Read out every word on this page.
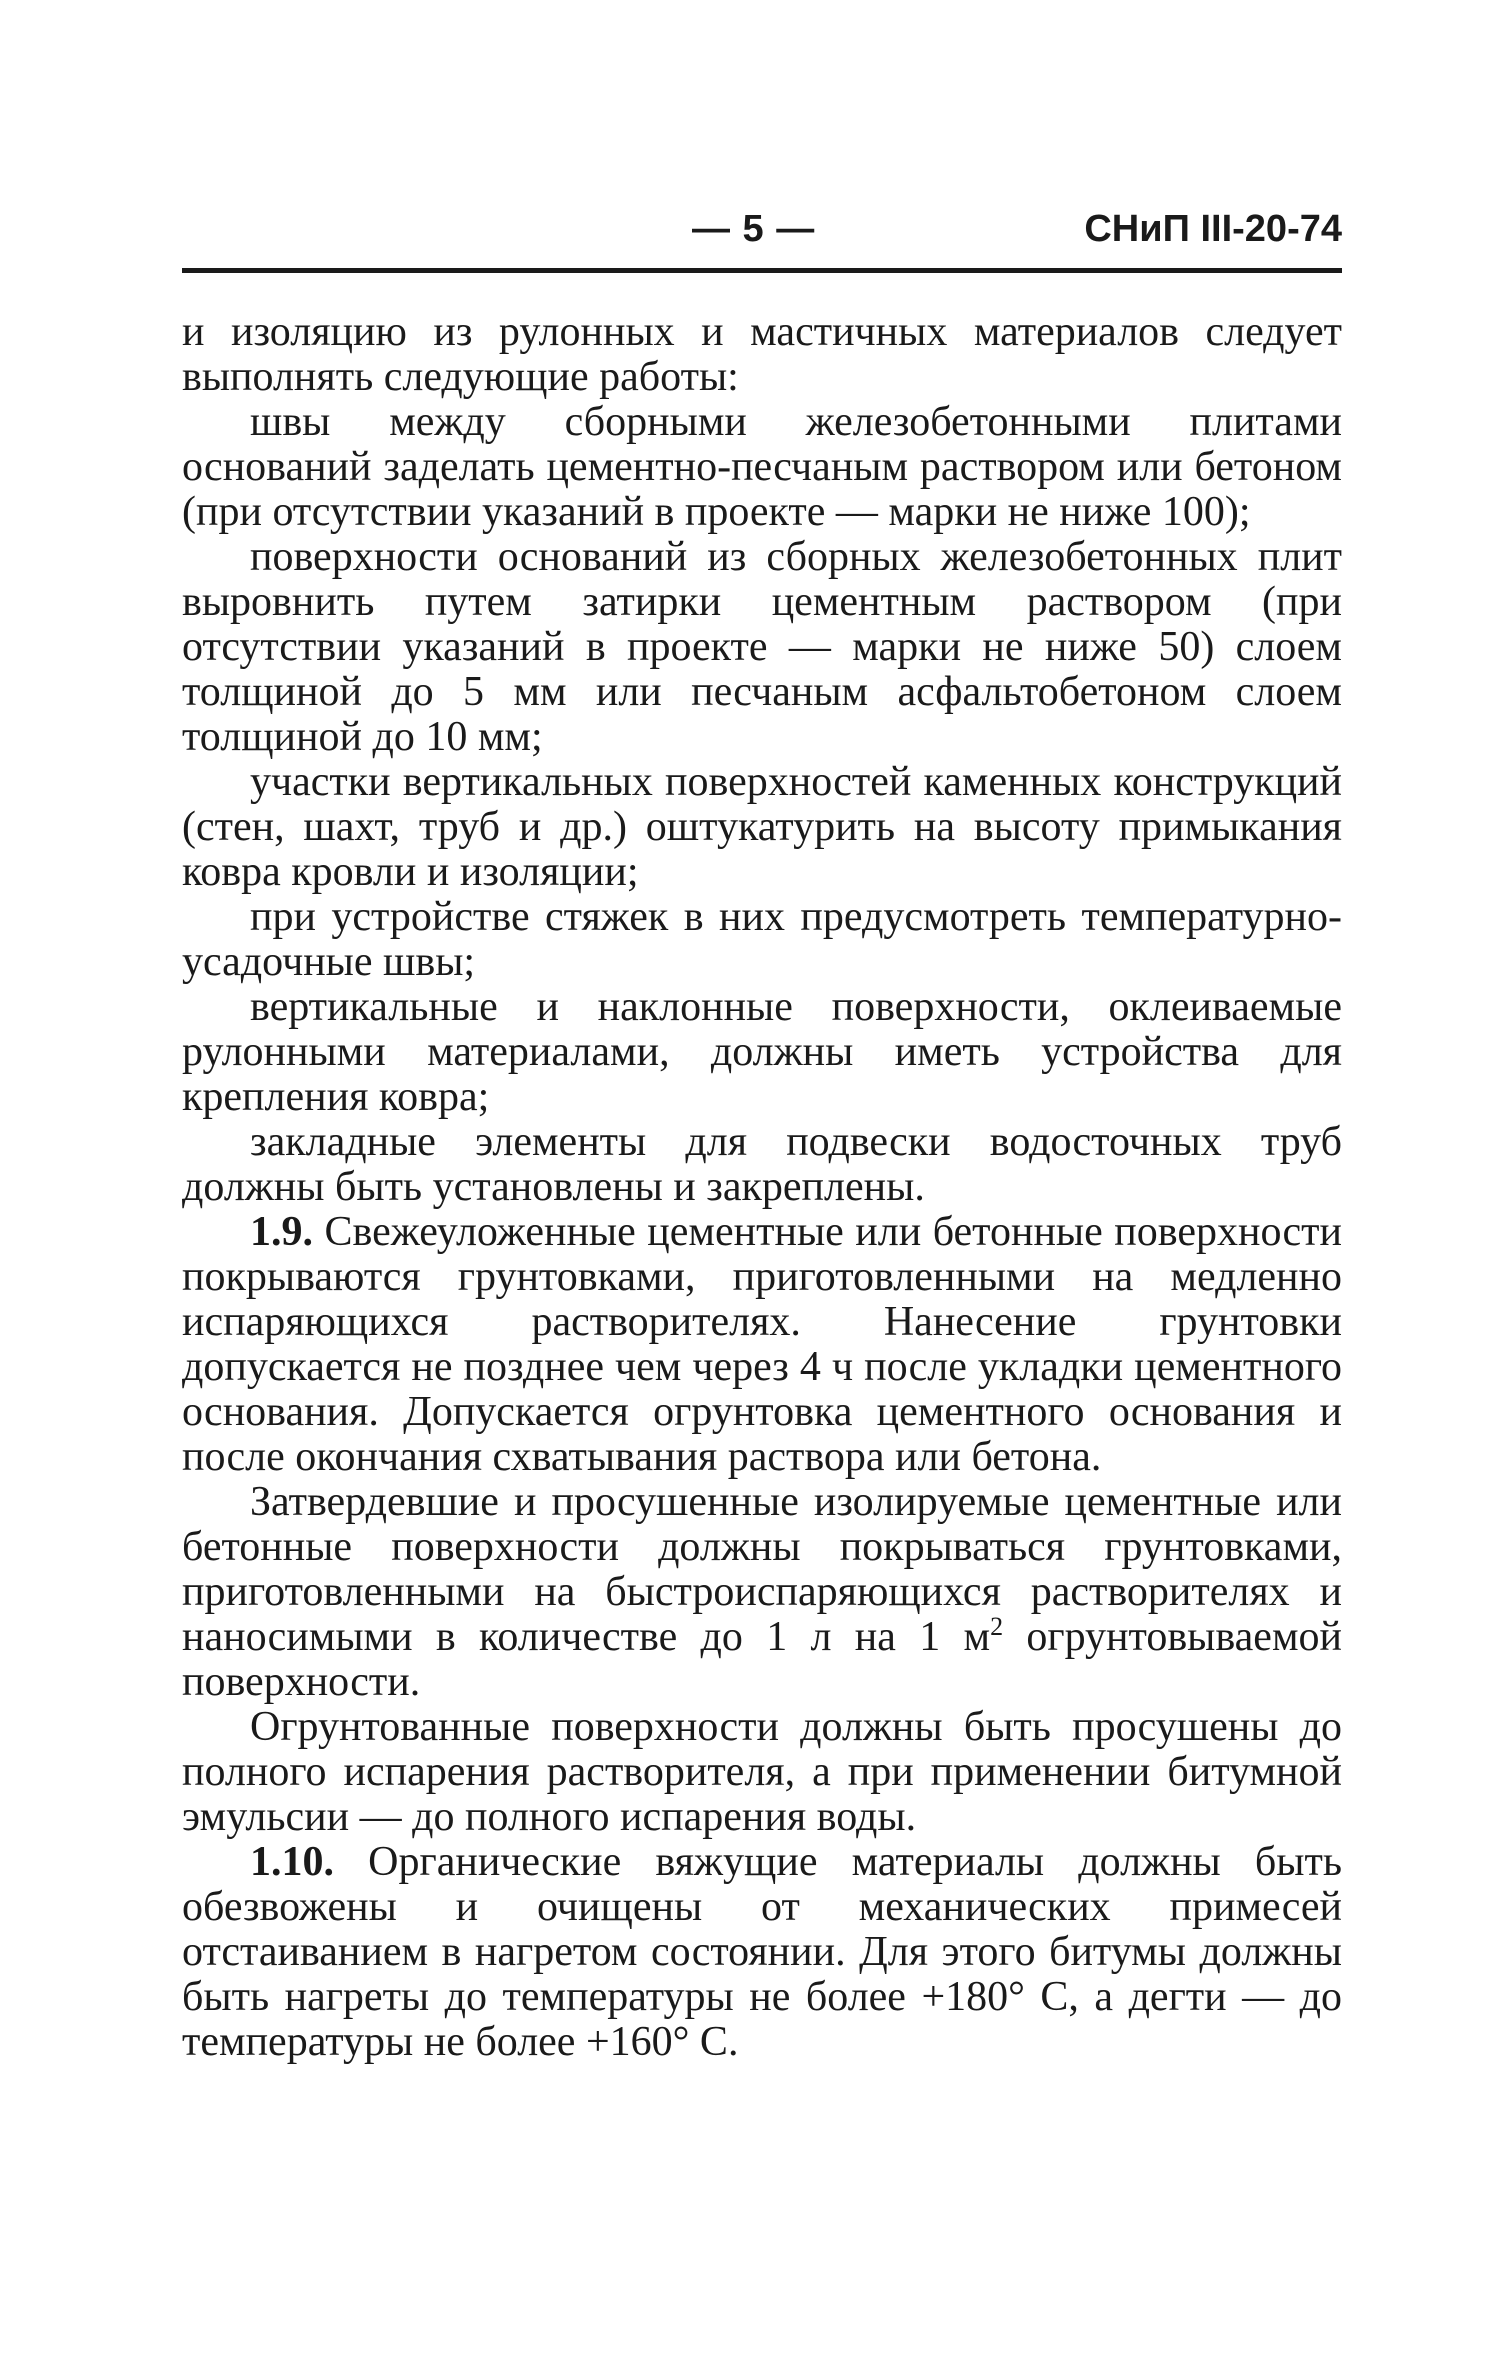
— 5 —	СНиП III-20-74

и изоляцию из рулонных и мастичных материалов следует выполнять следующие работы:

швы между сборными железобетонными плитами оснований заделать цементно-песчаным раствором или бетоном (при отсутствии указаний в проекте — марки не ниже 100);

поверхности оснований из сборных железобетонных плит выровнить путем затирки цементным раствором (при отсутствии указаний в проекте — марки не ниже 50) слоем толщиной до 5 мм или песчаным асфальтобетоном слоем толщиной до 10 мм;

участки вертикальных поверхностей каменных конструкций (стен, шахт, труб и др.) оштукатурить на высоту примыкания ковра кровли и изоляции;

при устройстве стяжек в них предусмотреть температурно-усадочные швы;

вертикальные и наклонные поверхности, оклеиваемые рулонными материалами, должны иметь устройства для крепления ковра;

закладные элементы для подвески водосточных труб должны быть установлены и закреплены.

1.9. Свежеуложенные цементные или бетонные поверхности покрываются грунтовками, приготовленными на медленно испаряющихся растворителях. Нанесение грунтовки допускается не позднее чем через 4 ч после укладки цементного основания. Допускается огрунтовка цементного основания и после окончания схватывания раствора или бетона.

Затвердевшие и просушенные изолируемые цементные или бетонные поверхности должны покрываться грунтовками, приготовленными на быстроиспаряющихся растворителях и наносимыми в количестве до 1 л на 1 $м^2$ огрунтовываемой поверхности.

Огрунтованные поверхности должны быть просушены до полного испарения растворителя, а при применении битумной эмульсии — до полного испарения воды.

1.10. Органические вяжущие материалы должны быть обезвожены и очищены от механических примесей отстаиванием в нагретом состоянии. Для этого битумы должны быть нагреты до температуры не более +180° С, а дегти — до температуры не более +160° С.
